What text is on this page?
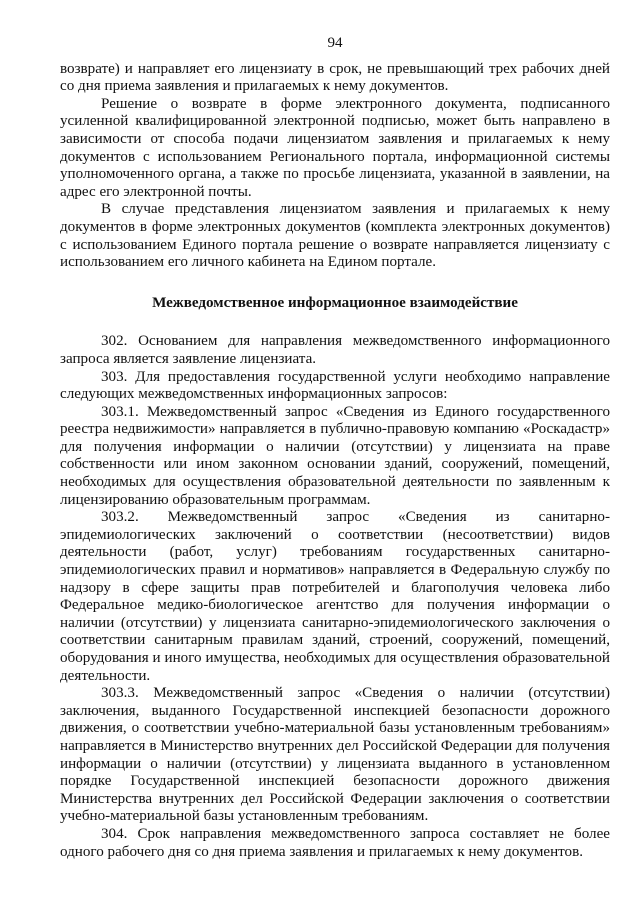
94

возврате) и направляет его лицензиату в срок, не превышающий трех рабочих дней со дня приема заявления и прилагаемых к нему документов.

Решение о возврате в форме электронного документа, подписанного усиленной квалифицированной электронной подписью, может быть направлено в зависимости от способа подачи лицензиатом заявления и прилагаемых к нему документов с использованием Регионального портала, информационной системы уполномоченного органа, а также по просьбе лицензиата, указанной в заявлении, на адрес его электронной почты.

В случае представления лицензиатом заявления и прилагаемых к нему документов в форме электронных документов (комплекта электронных документов) с использованием Единого портала решение о возврате направляется лицензиату с использованием его личного кабинета на Едином портале.

Межведомственное информационное взаимодействие

302. Основанием для направления межведомственного информационного запроса является заявление лицензиата.

303. Для предоставления государственной услуги необходимо направление следующих межведомственных информационных запросов:

303.1. Межведомственный запрос «Сведения из Единого государственного реестра недвижимости» направляется в публично-правовую компанию «Роскадастр» для получения информации о наличии (отсутствии) у лицензиата на праве собственности или ином законном основании зданий, сооружений, помещений, необходимых для осуществления образовательной деятельности по заявленным к лицензированию образовательным программам.

303.2. Межведомственный запрос «Сведения из санитарно-эпидемиологических заключений о соответствии (несоответствии) видов деятельности (работ, услуг) требованиям государственных санитарно-эпидемиологических правил и нормативов» направляется в Федеральную службу по надзору в сфере защиты прав потребителей и благополучия человека либо Федеральное медико-биологическое агентство для получения информации о наличии (отсутствии) у лицензиата санитарно-эпидемиологического заключения о соответствии санитарным правилам зданий, строений, сооружений, помещений, оборудования и иного имущества, необходимых для осуществления образовательной деятельности.

303.3. Межведомственный запрос «Сведения о наличии (отсутствии) заключения, выданного Государственной инспекцией безопасности дорожного движения, о соответствии учебно-материальной базы установленным требованиям» направляется в Министерство внутренних дел Российской Федерации для получения информации о наличии (отсутствии) у лицензиата выданного в установленном порядке Государственной инспекцией безопасности дорожного движения Министерства внутренних дел Российской Федерации заключения о соответствии учебно-материальной базы установленным требованиям.

304. Срок направления межведомственного запроса составляет не более одного рабочего дня со дня приема заявления и прилагаемых к нему документов.
